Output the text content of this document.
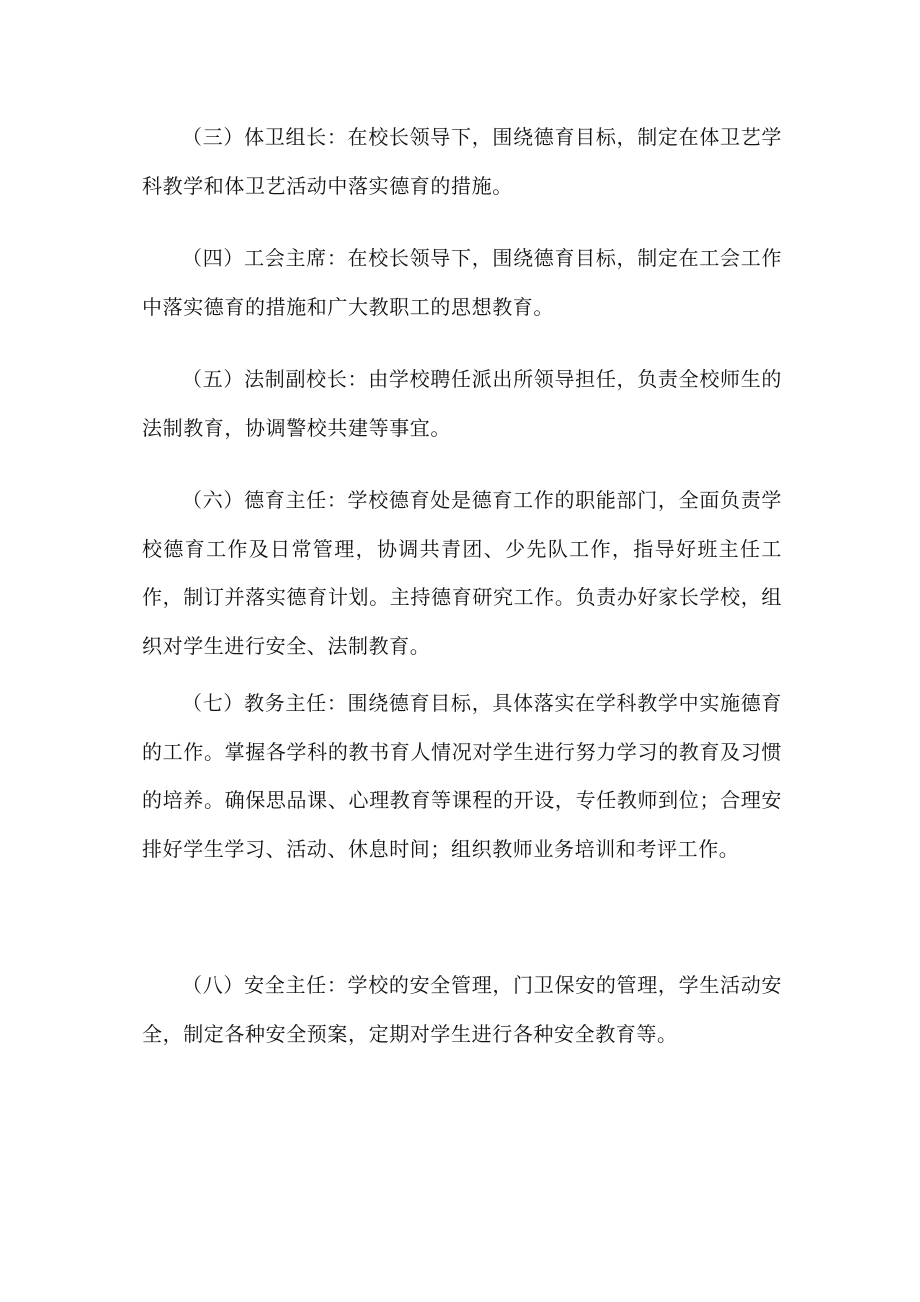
（三）体卫组长：在校长领导下，围绕德育目标，制定在体卫艺学科教学和体卫艺活动中落实德育的措施。

（四）工会主席：在校长领导下，围绕德育目标，制定在工会工作中落实德育的措施和广大教职工的思想教育。

（五）法制副校长：由学校聘任派出所领导担任，负责全校师生的法制教育，协调警校共建等事宜。

（六）德育主任：学校德育处是德育工作的职能部门，全面负责学校德育工作及日常管理，协调共青团、少先队工作，指导好班主任工作，制订并落实德育计划。主持德育研究工作。负责办好家长学校，组织对学生进行安全、法制教育。

（七）教务主任：围绕德育目标，具体落实在学科教学中实施德育的工作。掌握各学科的教书育人情况对学生进行努力学习的教育及习惯的培养。确保思品课、心理教育等课程的开设，专任教师到位；合理安排好学生学习、活动、休息时间；组织教师业务培训和考评工作。

（八）安全主任：学校的安全管理，门卫保安的管理，学生活动安全，制定各种安全预案，定期对学生进行各种安全教育等。
